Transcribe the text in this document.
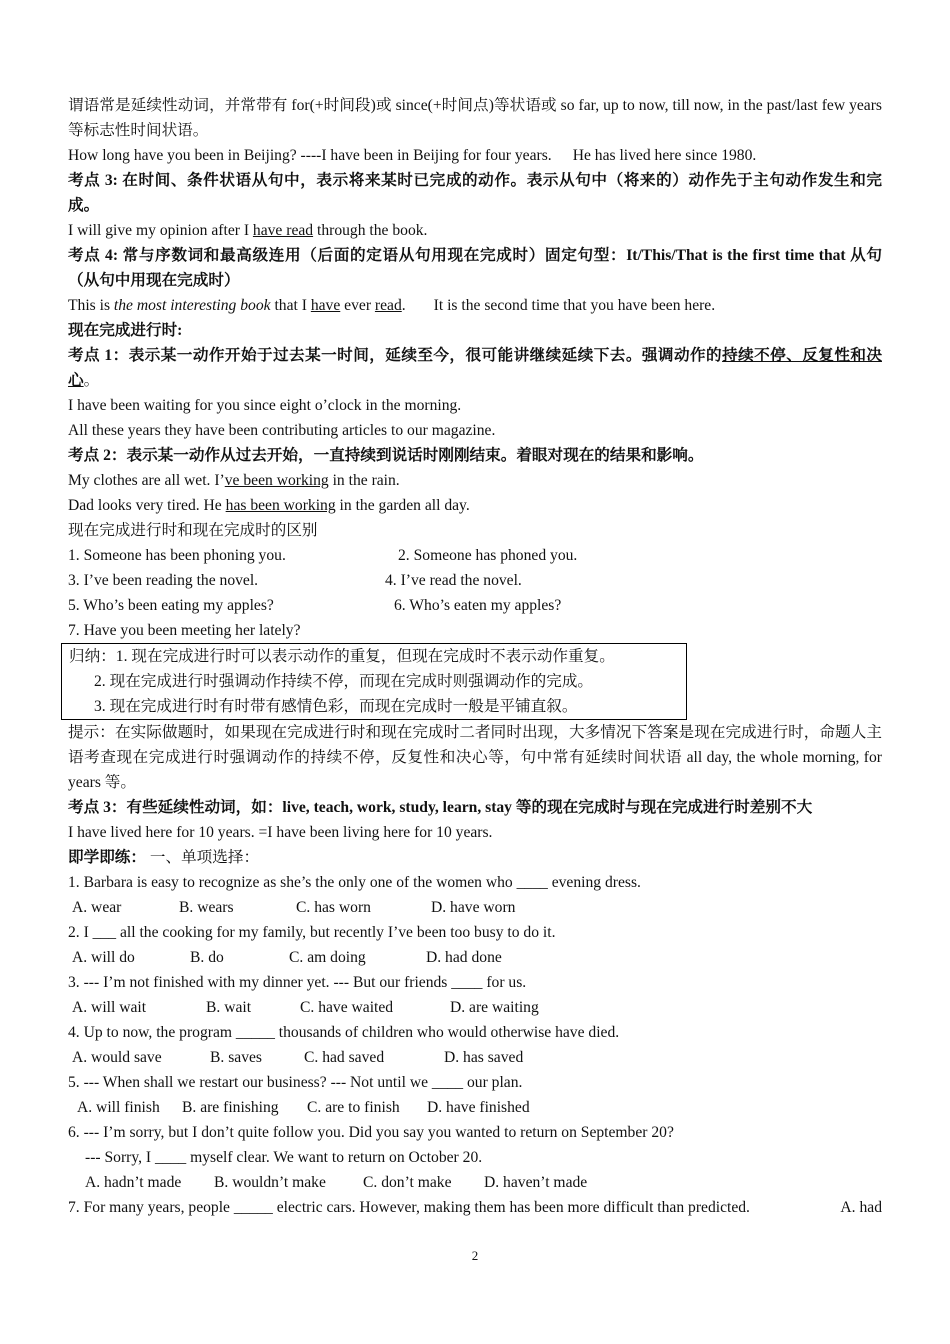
谓语常是延续性动词，并常带有 for(+时间段)或 since(+时间点)等状语或 so far, up to now, till now, in the past/last few years 等标志性时间状语。
How long have you been in Beijing? ----I have been in Beijing for four years. He has lived here since 1980.
考点 3: 在时间、条件状语从句中，表示将来某时已完成的动作。表示从句中（将来的）动作先于主句动作发生和完成。
I will give my opinion after I have read through the book.
考点 4: 常与序数词和最高级连用（后面的定语从句用现在完成时）固定句型：It/This/That is the first time that 从句（从句中用现在完成时）
This is the most interesting book that I have ever read. It is the second time that you have been here.
现在完成进行时:
考点 1：表示某一动作开始于过去某一时间，延续至今，很可能讲继续延续下去。强调动作的持续不停、反复性和决心。
I have been waiting for you since eight o’clock in the morning.
All these years they have been contributing articles to our magazine.
考点 2：表示某一动作从过去开始，一直持续到说话时刚刚结束。着眼对现在的结果和影响。
My clothes are all wet. I’ve been working in the rain.
Dad looks very tired. He has been working in the garden all day.
现在完成进行时和现在完成时的区别
1. Someone has been phoning you.	2. Someone has phoned you.
3. I’ve been reading the novel.	4. I’ve read the novel.
5. Who’s been eating my apples?	6. Who’s eaten my apples?
7. Have you been meeting her lately?
归纳：1. 现在完成进行时可以表示动作的重复，但现在完成时不表示动作重复。
2. 现在完成进行时强调动作持续不停，而现在完成时则强调动作的完成。
3. 现在完成进行时有时带有感情色彩，而现在完成时一般是平铺直叙。
提示：在实际做题时，如果现在完成进行时和现在完成时二者同时出现，大多情况下答案是现在完成进行时，命题人主语考查现在完成进行时强调动作的持续不停，反复性和决心等，句中常有延续时间状语 all day, the whole morning, for years 等。
考点 3：有些延续性动词，如：live, teach, work, study, learn, stay 等的现在完成时与现在完成进行时差别不大
I have lived here for 10 years. =I have been living here for 10 years.
即学即练： 一、单项选择：
1. Barbara is easy to recognize as she’s the only one of the women who ____ evening dress.
A. wear	B. wears	C. has worn	D. have worn
2. I ___ all the cooking for my family, but recently I’ve been too busy to do it.
A. will do	B. do	C. am doing	D. had done
3. --- I’m not finished with my dinner yet. --- But our friends ____ for us.
A. will wait	B. wait	C. have waited	D. are waiting
4. Up to now, the program _____ thousands of children who would otherwise have died.
A. would save	B. saves	C. had saved	D. has saved
5. --- When shall we restart our business? --- Not until we ____ our plan.
A. will finish B. are finishing C. are to finish D. have finished
6. --- I’m sorry, but I don’t quite follow you. Did you say you wanted to return on September 20?
--- Sorry, I ____ myself clear. We want to return on October 20.
A. hadn’t made B. wouldn’t make C. don’t make D. haven’t made
7. For many years, people _____ electric cars. However, making them has been more difficult than predicted.	A. had
2
